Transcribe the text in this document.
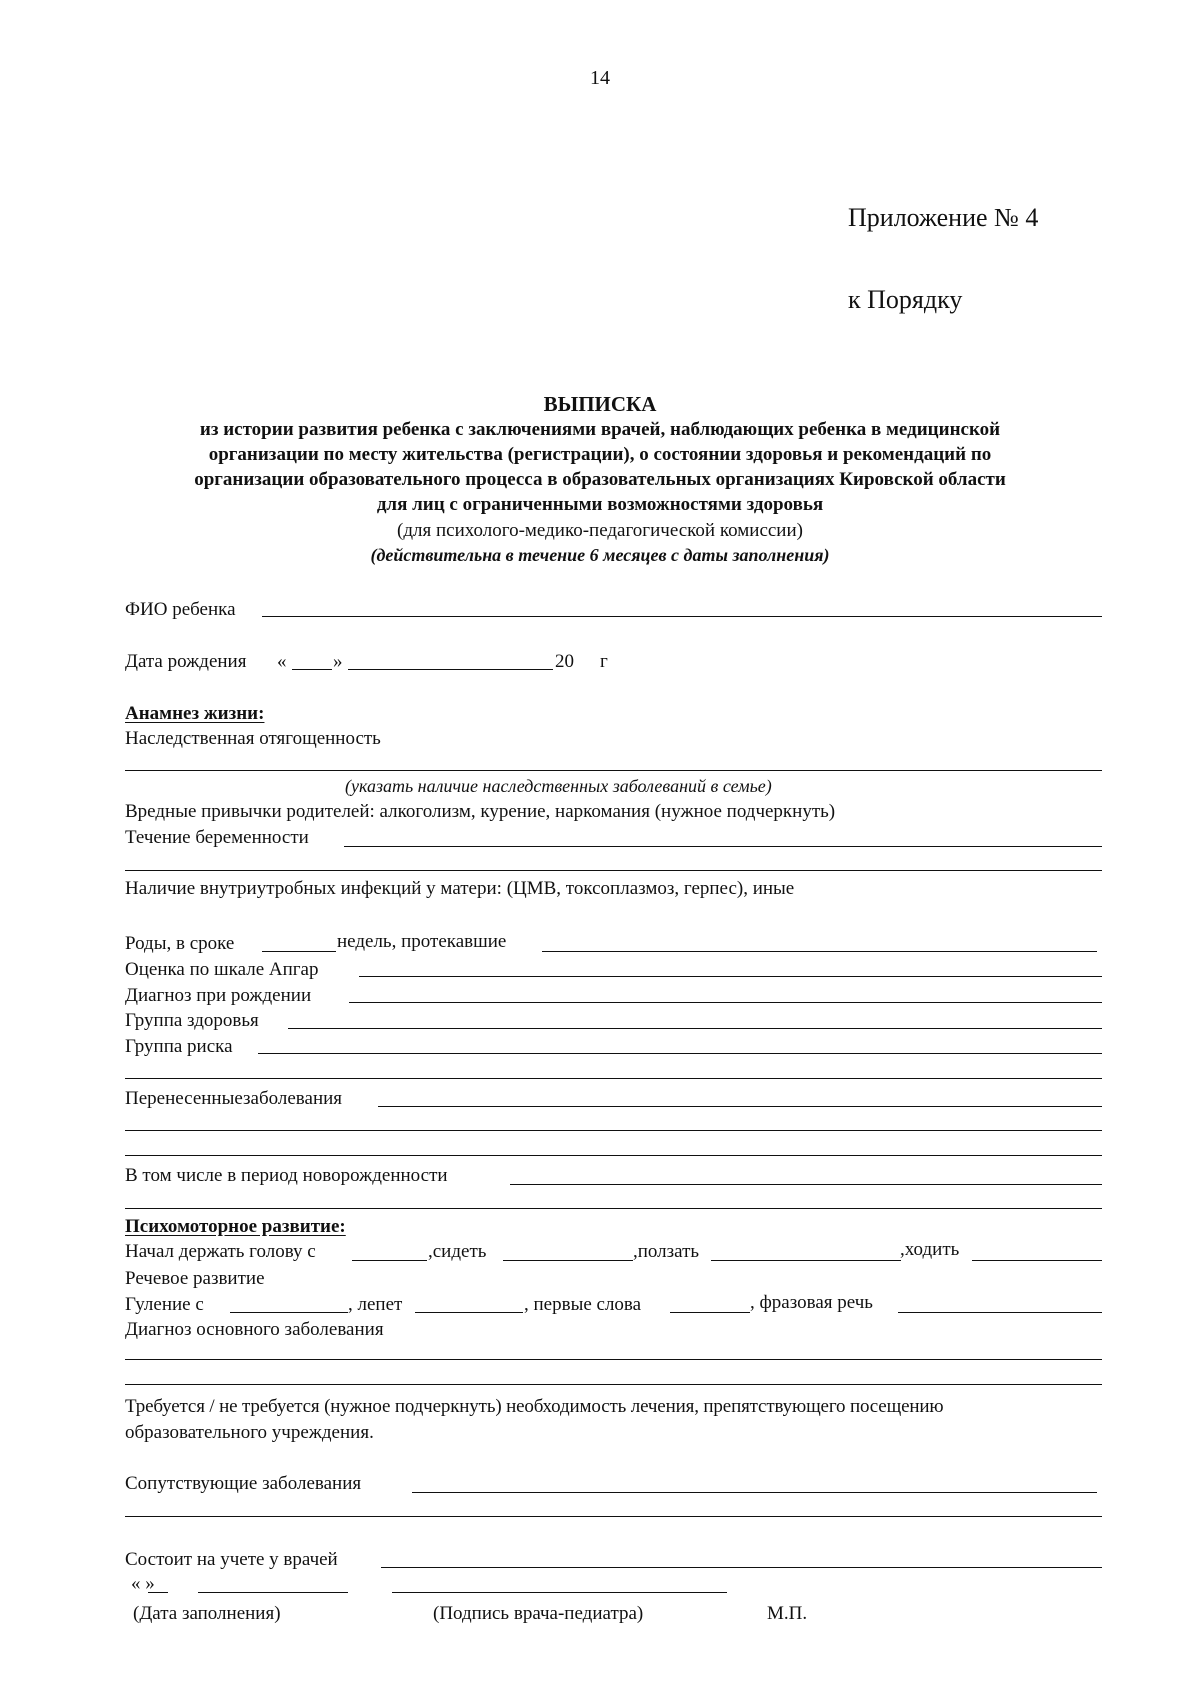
14
Приложение № 4
к Порядку
ВЫПИСКА
из истории развития ребенка с заключениями врачей, наблюдающих ребенка в медицинской
организации по месту жительства (регистрации), о состоянии здоровья и рекомендаций по
организации образовательного процесса в образовательных организациях Кировской области
для лиц с ограниченными возможностями здоровья
(для психолого-медико-педагогической комиссии)
(действительна в течение 6 месяцев с даты заполнения)
ФИО ребенка
Дата рождения « »	20 г
Анамнез жизни:
Наследственная отягощенность
(указать наличие наследственных заболеваний в семье)
Вредные привычки родителей: алкоголизм, курение, наркомания (нужное подчеркнуть)
Течение беременности
Наличие внутриутробных инфекций у матери: (ЦМВ, токсоплазмоз, герпес), иные
Роды, в сроке	недель, протекавшие
Оценка по шкале Апгар
Диагноз при рождении
Группа здоровья
Группа риска
Перенесенныезаболевания
В том числе в период новорожденности
Психомоторное развитие:
Начал держать голову с	,сидеть	,ползать	,ходить
Речевое развитие
Гуление с	, лепет	, первые слова	, фразовая речь
Диагноз основного заболевания
Требуется / не требуется (нужное подчеркнуть) необходимость лечения, препятствующего посещению
образовательного учреждения.
Сопутствующие заболевания
Состоит на учете у врачей
« »
(Дата заполнения)	(Подпись врача-педиатра)	М.П.
